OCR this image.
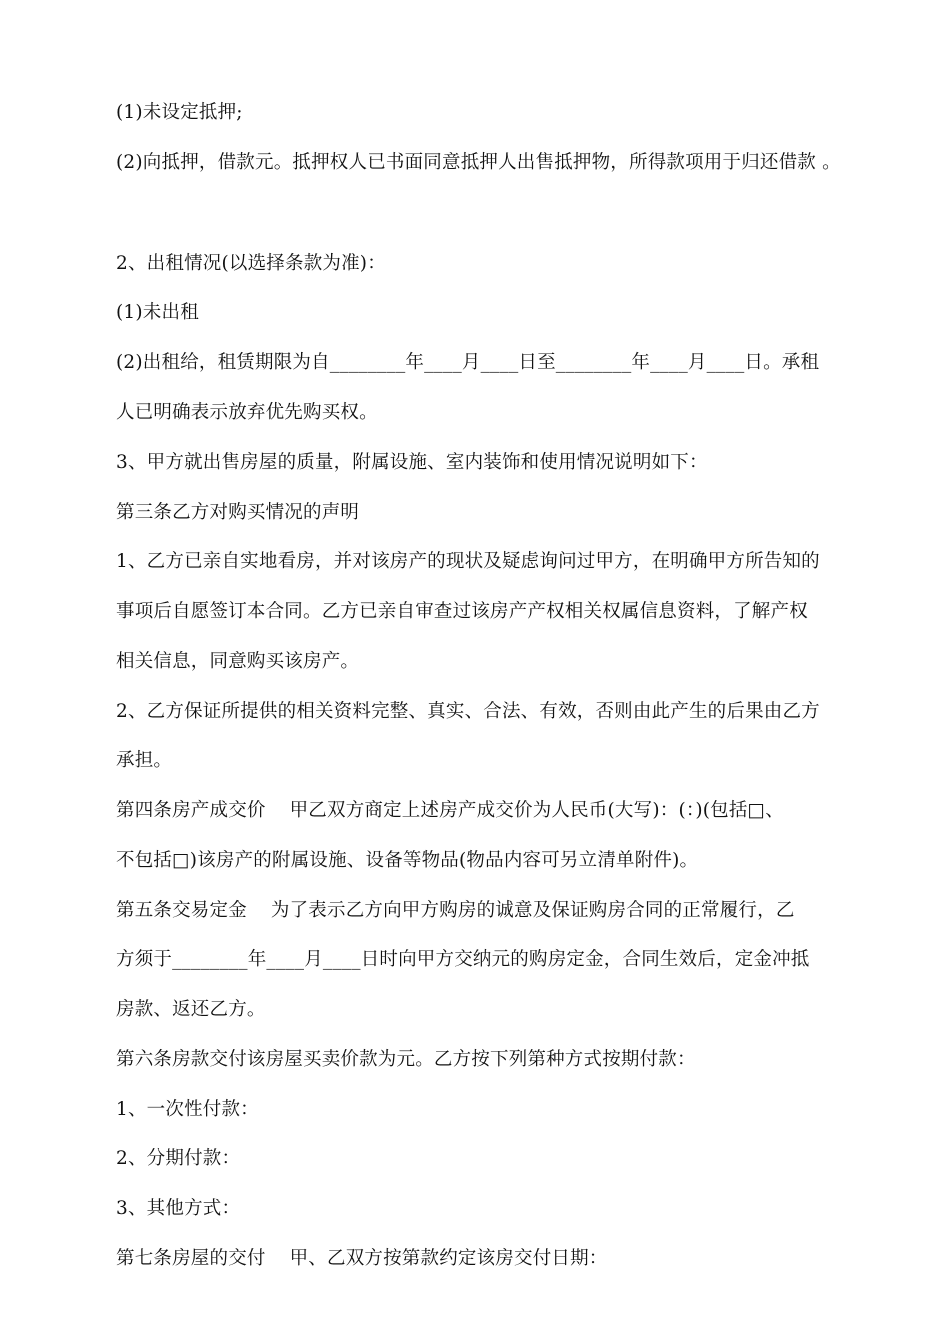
(1)未设定抵押;
(2)向抵押，借款元。抵押权人已书面同意抵押人出售抵押物，所得款项用于归还借款 。
2、出租情况(以选择条款为准)：
(1)未出租
(2)出租给，租赁期限为自________年____月____日至________年____月____日。承租
人已明确表示放弃优先购买权。
3、甲方就出售房屋的质量，附属设施、室内装饰和使用情况说明如下：
第三条乙方对购买情况的声明
1、乙方已亲自实地看房，并对该房产的现状及疑虑询问过甲方，在明确甲方所告知的
事项后自愿签订本合同。乙方已亲自审查过该房产产权相关权属信息资料，了解产权
相关信息，同意购买该房产。
2、乙方保证所提供的相关资料完整、真实、合法、有效，否则由此产生的后果由乙方
承担。
第四条房产成交价 甲乙双方商定上述房产成交价为人民币(大写)：(：)(包括□、
不包括□)该房产的附属设施、设备等物品(物品内容可另立清单附件)。
第五条交易定金 为了表示乙方向甲方购房的诚意及保证购房合同的正常履行，乙
方须于________年____月____日时向甲方交纳元的购房定金，合同生效后，定金冲抵
房款、返还乙方。
第六条房款交付该房屋买卖价款为元。乙方按下列第种方式按期付款：
1、一次性付款：
2、分期付款：
3、其他方式：
第七条房屋的交付 甲、乙双方按第款约定该房交付日期：
